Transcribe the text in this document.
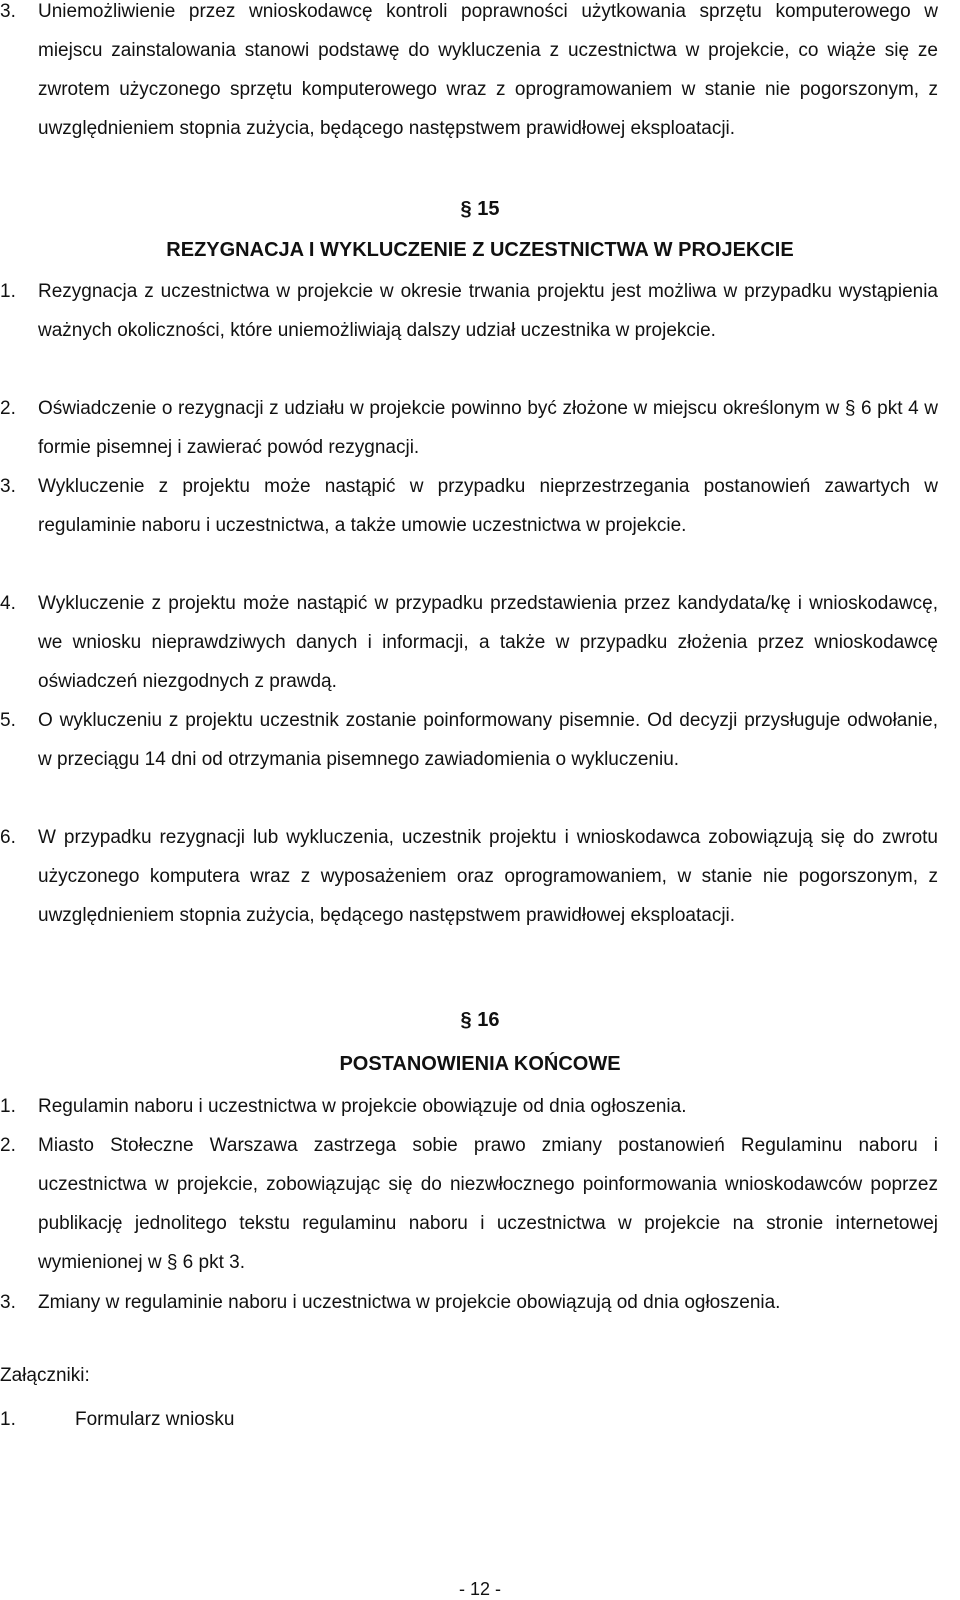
3.	Uniemożliwienie przez wnioskodawcę kontroli poprawności użytkowania sprzętu komputerowego w miejscu zainstalowania stanowi podstawę do wykluczenia z uczestnictwa w projekcie, co wiąże się ze zwrotem użyczonego sprzętu komputerowego wraz z oprogramowaniem w stanie nie pogorszonym, z uwzględnieniem stopnia zużycia, będącego następstwem prawidłowej eksploatacji.
§ 15
REZYGNACJA I WYKLUCZENIE Z UCZESTNICTWA W PROJEKCIE
1.	Rezygnacja z uczestnictwa w projekcie w okresie trwania projektu jest możliwa w przypadku wystąpienia ważnych okoliczności, które uniemożliwiają dalszy udział uczestnika w projekcie.
2.	Oświadczenie o rezygnacji z udziału w projekcie powinno być złożone w miejscu określonym w § 6 pkt 4 w formie pisemnej i zawierać powód rezygnacji.
3.	Wykluczenie z projektu może nastąpić w przypadku nieprzestrzegania postanowień zawartych w regulaminie naboru i uczestnictwa, a także umowie uczestnictwa w projekcie.
4.	Wykluczenie z projektu może nastąpić w przypadku przedstawienia przez kandydata/kę i wnioskodawcę, we wniosku nieprawdziwych danych i informacji, a także w przypadku złożenia przez wnioskodawcę oświadczeń niezgodnych z prawdą.
5.	O wykluczeniu z projektu uczestnik zostanie poinformowany pisemnie. Od decyzji przysługuje odwołanie, w przeciągu 14 dni od otrzymania pisemnego zawiadomienia o wykluczeniu.
6.	W przypadku rezygnacji lub wykluczenia, uczestnik projektu i wnioskodawca zobowiązują się do zwrotu użyczonego komputera wraz z wyposażeniem oraz oprogramowaniem, w stanie nie pogorszonym, z uwzględnieniem stopnia zużycia, będącego następstwem prawidłowej eksploatacji.
§ 16
POSTANOWIENIA KOŃCOWE
1.	Regulamin naboru i uczestnictwa w projekcie obowiązuje od dnia ogłoszenia.
2.	Miasto Stołeczne Warszawa zastrzega sobie prawo zmiany postanowień Regulaminu naboru i uczestnictwa w projekcie, zobowiązując się do niezwłocznego poinformowania wnioskodawców poprzez publikację jednolitego tekstu regulaminu naboru i uczestnictwa w projekcie na stronie internetowej wymienionej w § 6 pkt 3.
3.	Zmiany w regulaminie naboru i uczestnictwa w projekcie obowiązują od dnia ogłoszenia.
Załączniki:
1.	Formularz wniosku
- 12 -
